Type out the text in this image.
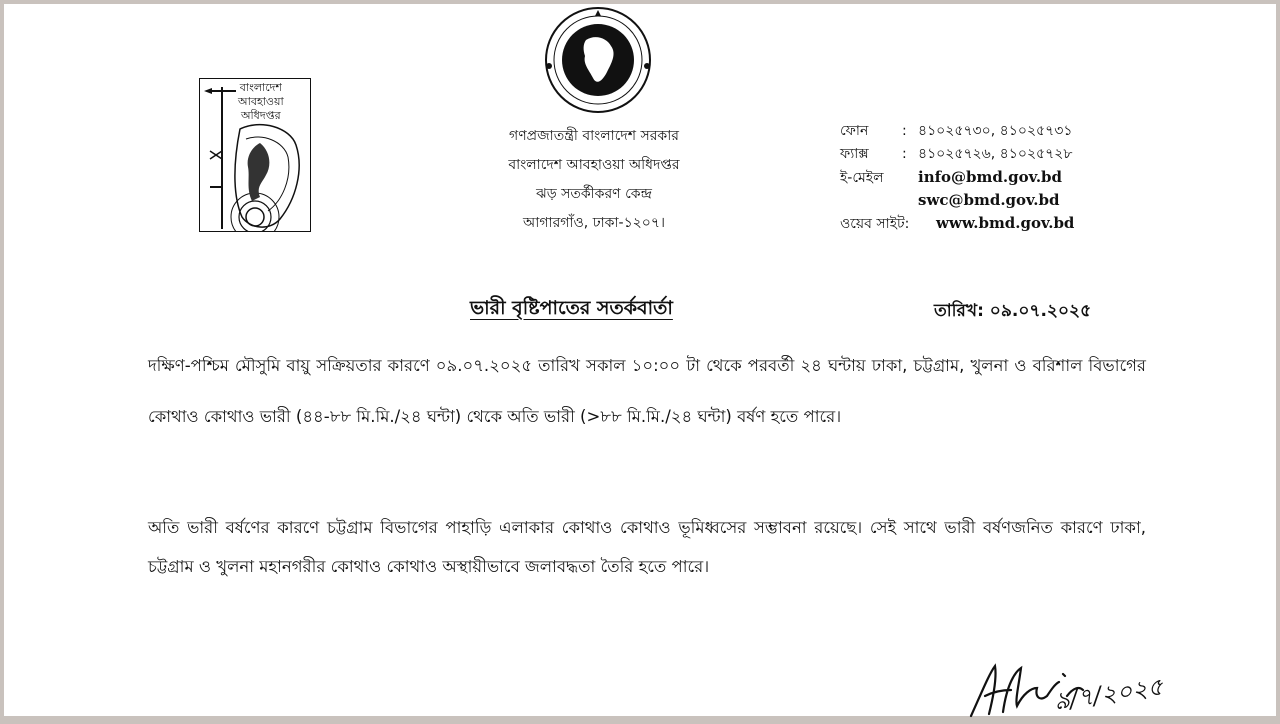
বাংলাদেশ
আবহাওয়া
অধিদপ্তর
গণপ্রজাতন্ত্রী বাংলাদেশ সরকার
বাংলাদেশ আবহাওয়া অধিদপ্তর
ঝড় সতর্কীকরণ কেন্দ্র
আগারগাঁও, ঢাকা-১২০৭।
ফোন : ৪১০২৫৭৩০, ৪১০২৫৭৩১
ফ্যাক্স : ৪১০২৫৭২৬, ৪১০২৫৭২৮
ই-মেইল info@bmd.gov.bd
swc@bmd.gov.bd
ওয়েব সাইট: www.bmd.gov.bd
ভারী বৃষ্টিপাতের সতর্কবার্তা	তারিখ: ০৯.০৭.২০২৫
দক্ষিণ-পশ্চিম মৌসুমি বায়ু সক্রিয়তার কারণে ০৯.০৭.২০২৫ তারিখ সকাল ১০:০০ টা থেকে পরবর্তী ২৪ ঘন্টায় ঢাকা, চট্টগ্রাম, খুলনা ও বরিশাল বিভাগের কোথাও কোথাও ভারী (৪৪-৮৮ মি.মি./২৪ ঘন্টা) থেকে অতি ভারী (>৮৮ মি.মি./২৪ ঘন্টা) বর্ষণ হতে পারে।
অতি ভারী বর্ষণের কারণে চট্টগ্রাম বিভাগের পাহাড়ি এলাকার কোথাও কোথাও ভূমিধ্বসের সম্ভাবনা রয়েছে। সেই সাথে ভারী বর্ষণজনিত কারণে ঢাকা, চট্টগ্রাম ও খুলনা মহানগরীর কোথাও কোথাও অস্থায়ীভাবে জলাবদ্ধতা তৈরি হতে পারে।
৯/৭/২০২৫
